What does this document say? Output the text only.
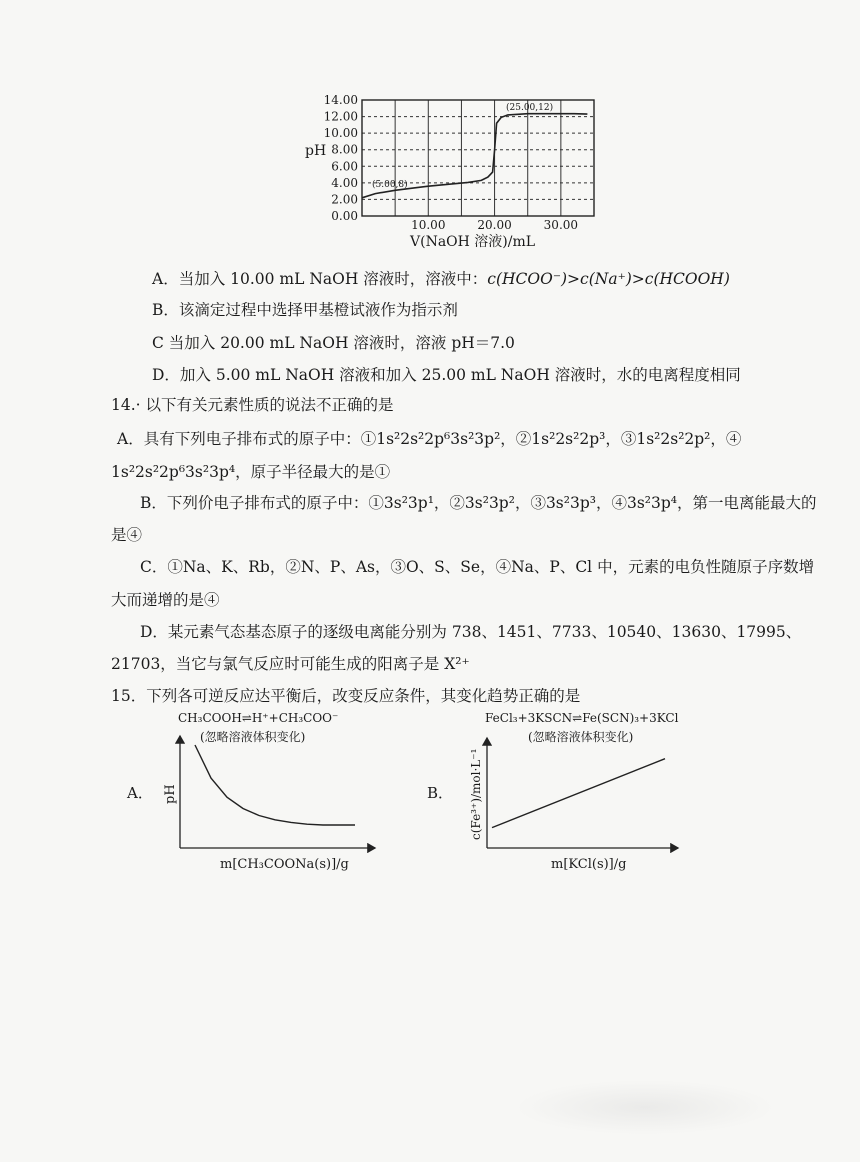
pH
14.00
12.00
10.00
8.00
6.00
4.00
2.00
0.00
10.00	20.00	30.00
(5.00,8)
(25.00,12)
V(NaOH 溶液)/mL
A．当加入 10.00 mL NaOH 溶液时，溶液中：c(HCOO⁻)>c(Na⁺)>c(HCOOH)
B．该滴定过程中选择甲基橙试液作为指示剂
C 当加入 20.00 mL NaOH 溶液时，溶液 pH＝7.0
D．加入 5.00 mL NaOH 溶液和加入 25.00 mL NaOH 溶液时，水的电离程度相同
14.· 以下有关元素性质的说法不正确的是
A．具有下列电子排布式的原子中：①1s²2s²2p⁶3s²3p²，②1s²2s²2p³，③1s²2s²2p²，④
1s²2s²2p⁶3s²3p⁴，原子半径最大的是①
B．下列价电子排布式的原子中：①3s²3p¹，②3s²3p²，③3s²3p³，④3s²3p⁴，第一电离能最大的
是④
C．①Na、K、Rb，②N、P、As，③O、S、Se，④Na、P、Cl 中，元素的电负性随原子序数增
大而递增的是④
D．某元素气态基态原子的逐级电离能分别为 738、1451、7733、10540、13630、17995、
21703，当它与氯气反应时可能生成的阳离子是 X²⁺
15．下列各可逆反应达平衡后，改变反应条件，其变化趋势正确的是
CH₃COOH⇌H⁺+CH₃COO⁻
(忽略溶液体积变化)
A． pH
m[CH₃COONa(s)]/g
FeCl₃+3KSCN⇌Fe(SCN)₃+3KCl
(忽略溶液体积变化)
B． c(Fe³⁺)/mol·L⁻¹
m[KCl(s)]/g
